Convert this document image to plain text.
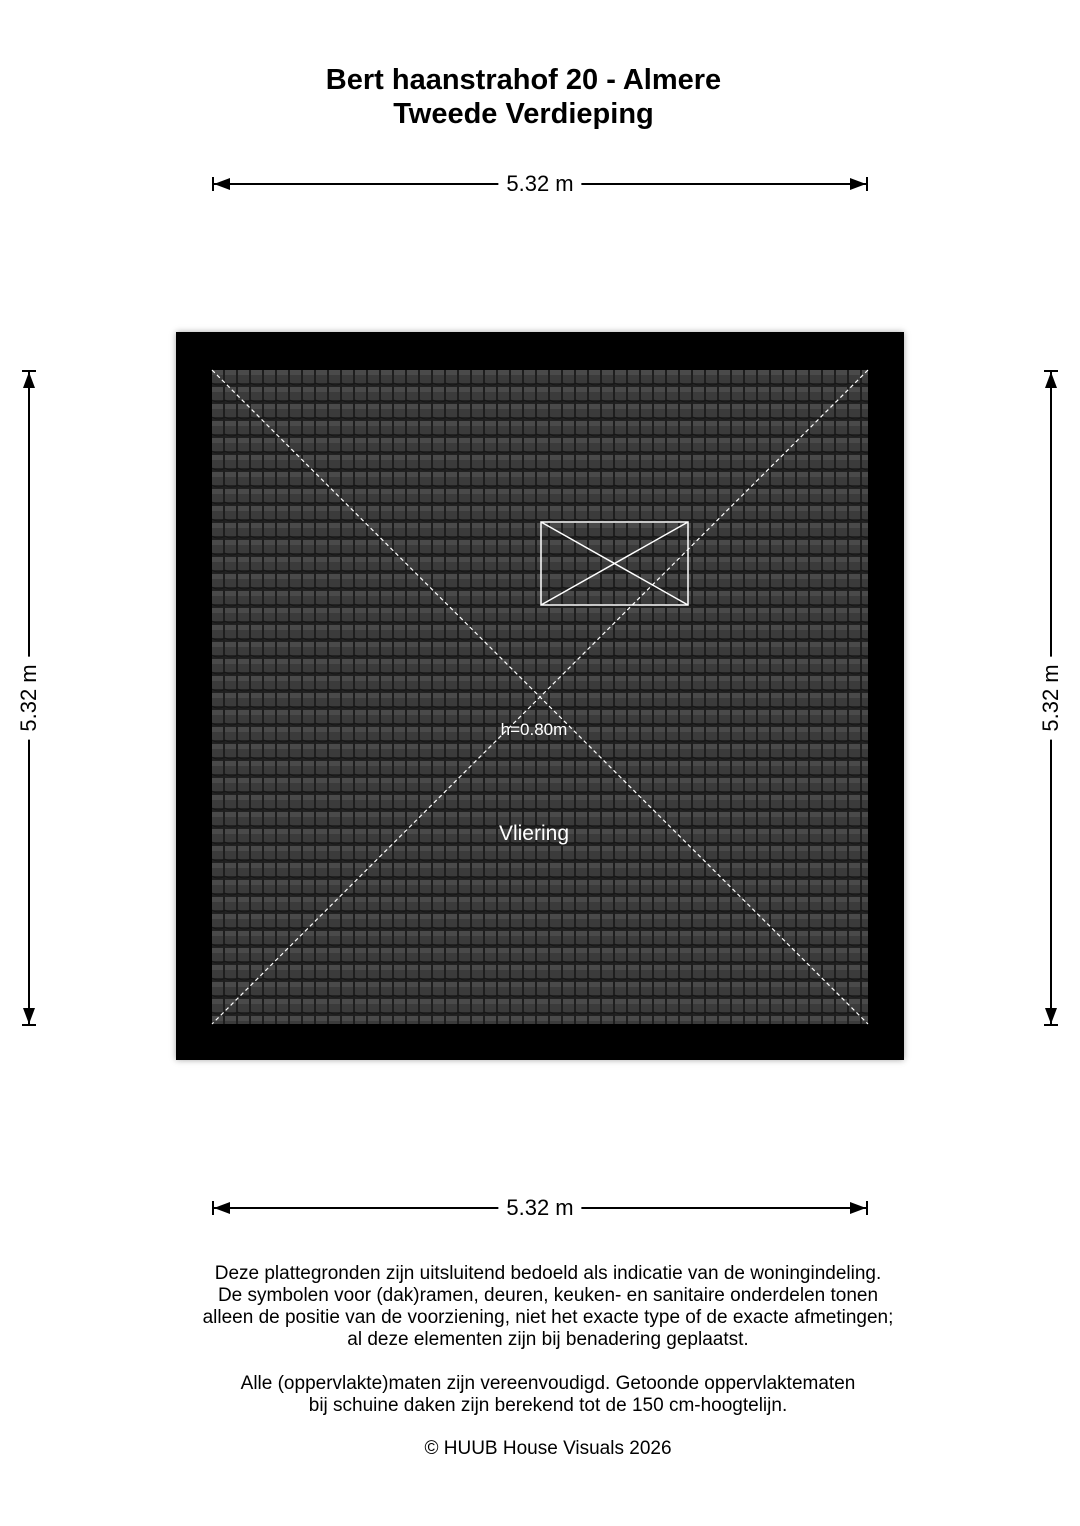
Bert haanstrahof 20 - Almere
Tweede Verdieping
5.32 m
5.32 m	5.32 m
h=0.80m
Vliering
5.32 m
Deze plattegronden zijn uitsluitend bedoeld als indicatie van de woningindeling.
De symbolen voor (dak)ramen, deuren, keuken- en sanitaire onderdelen tonen
alleen de positie van de voorziening, niet het exacte type of de exacte afmetingen;
al deze elementen zijn bij benadering geplaatst.
Alle (oppervlakte)maten zijn vereenvoudigd. Getoonde oppervlaktematen
bij schuine daken zijn berekend tot de 150 cm-hoogtelijn.
© HUUB House Visuals 2026
